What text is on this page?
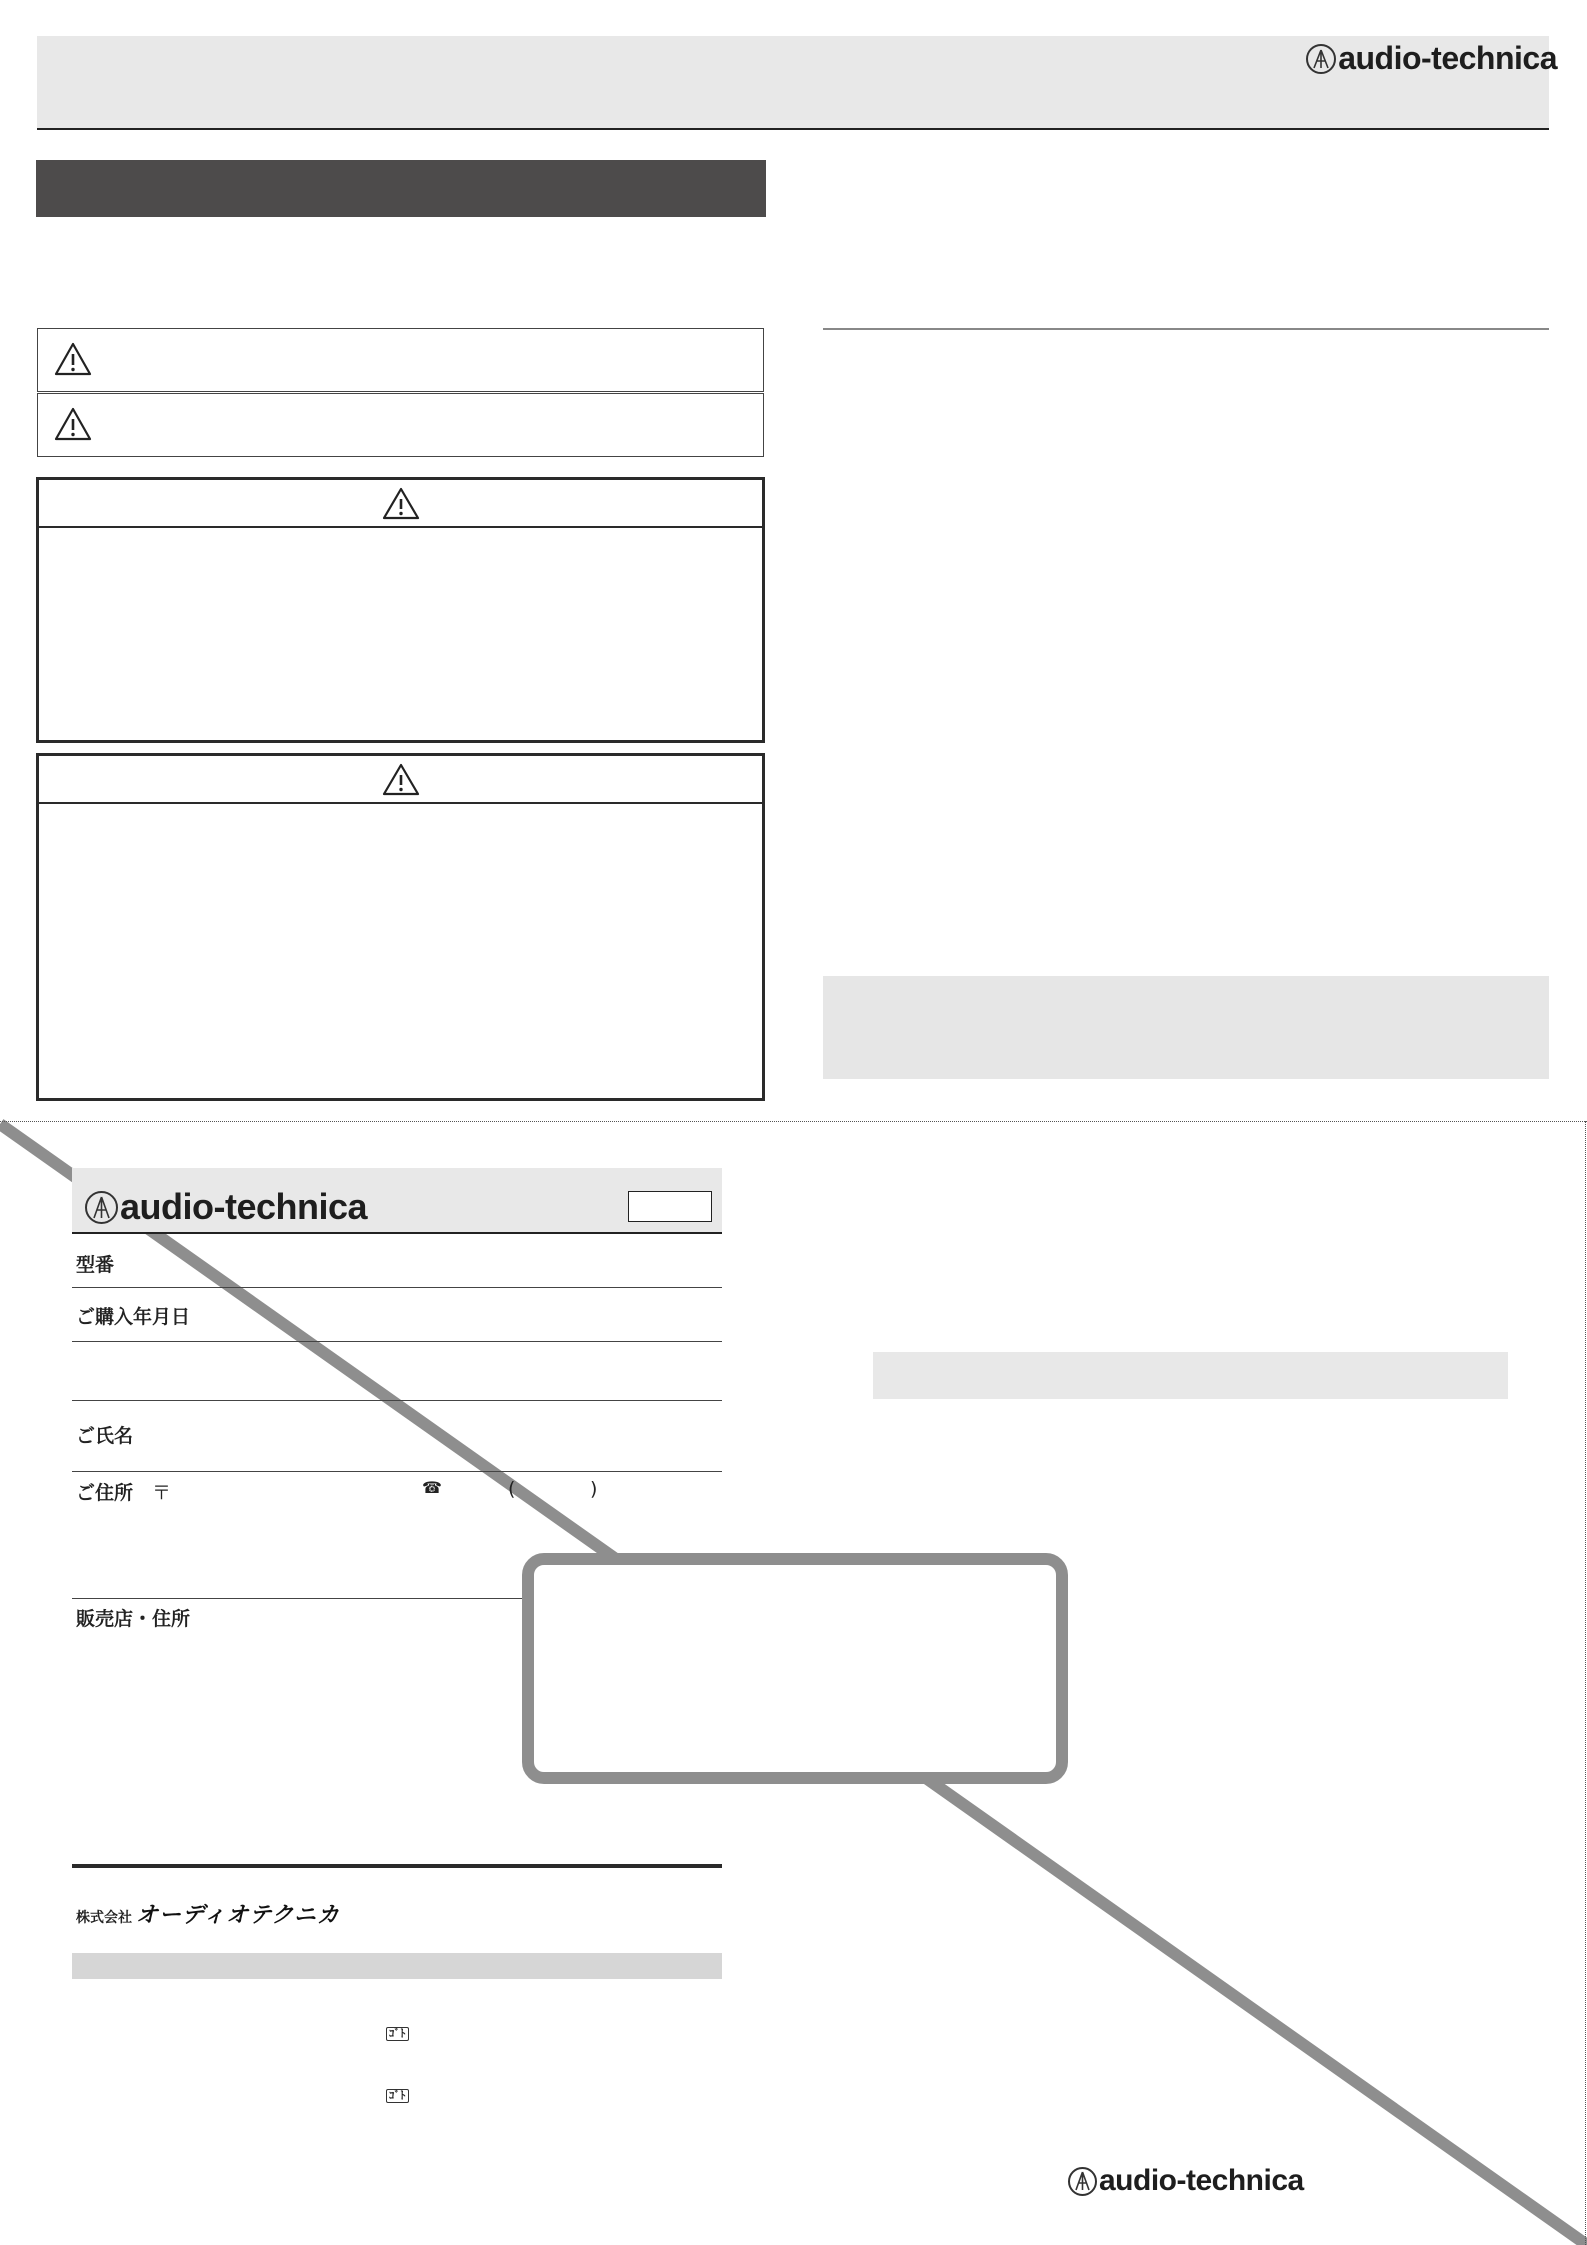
audio-technica
audio-technica
型番
ご購入年月日
ご氏名
ご住所 〒	☎	(	)
販売店・住所
株式会社 オーディオテクニカ
ｺﾞﾄ
ｺﾞﾄ
audio-technica
